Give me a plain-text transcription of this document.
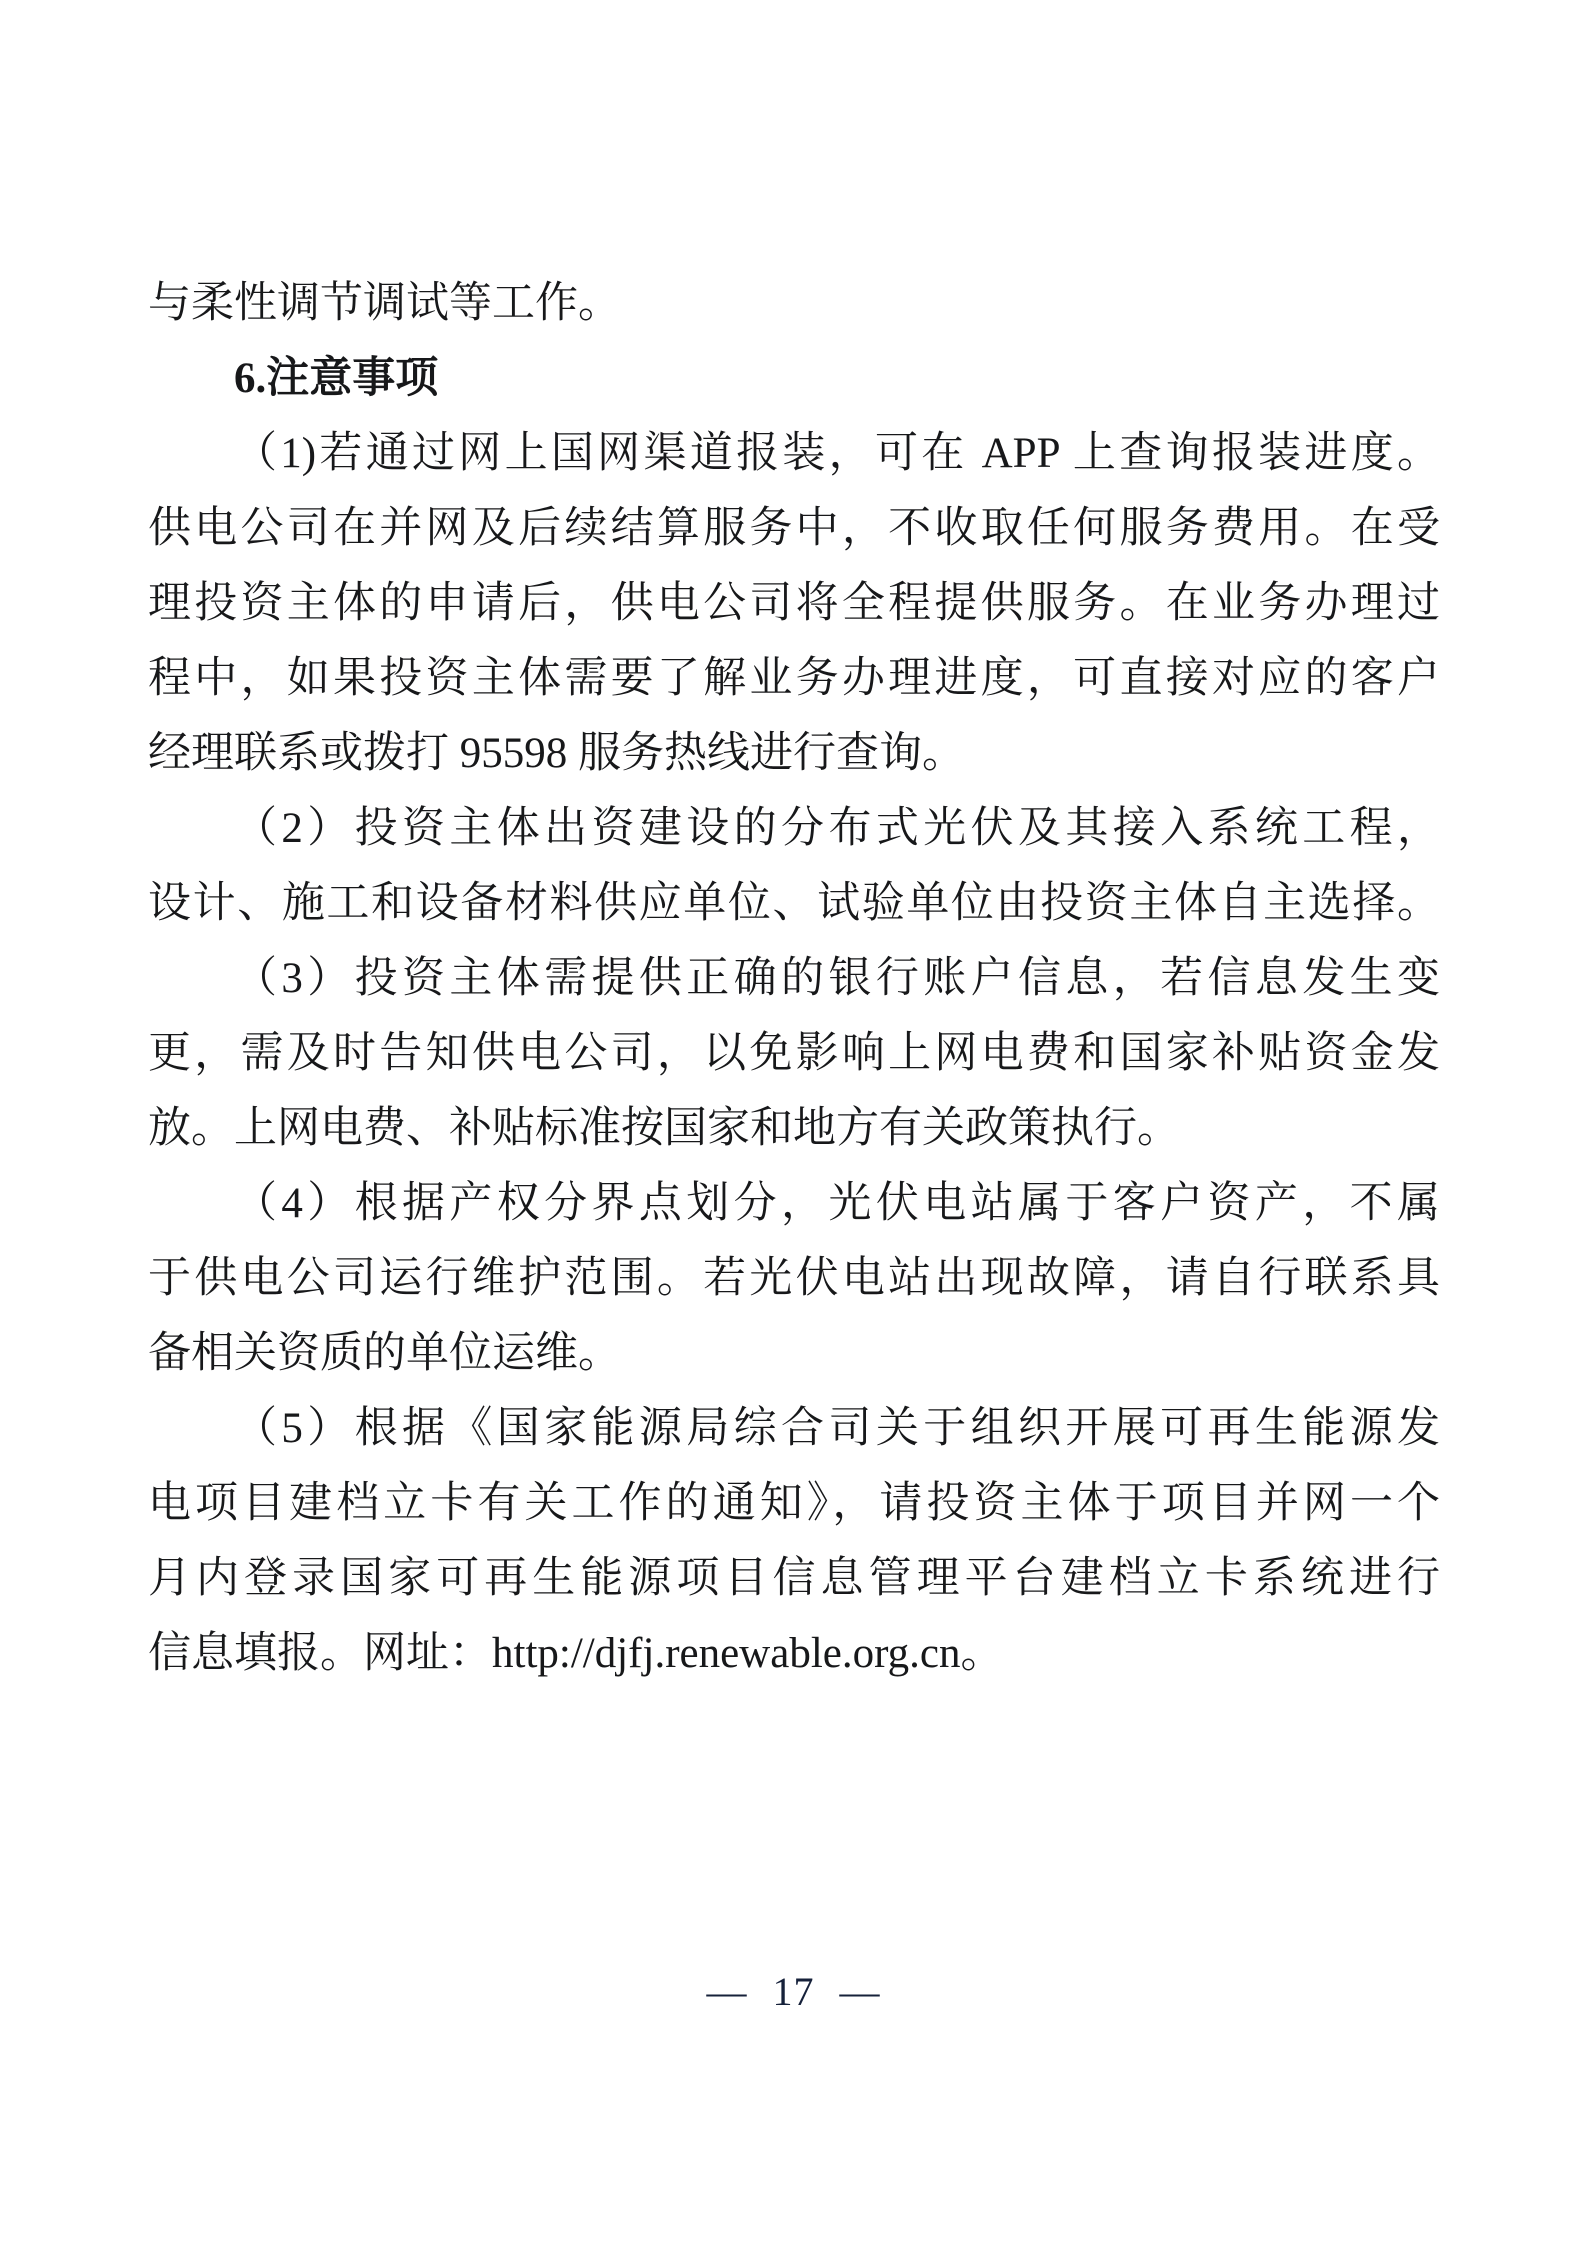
与柔性调节调试等工作。
6.注意事项
（1)若通过网上国网渠道报装，可在 APP 上查询报装进度。
供电公司在并网及后续结算服务中，不收取任何服务费用。在受
理投资主体的申请后，供电公司将全程提供服务。在业务办理过
程中，如果投资主体需要了解业务办理进度，可直接对应的客户
经理联系或拨打 95598 服务热线进行查询。
（2）投资主体出资建设的分布式光伏及其接入系统工程，
设计、施工和设备材料供应单位、试验单位由投资主体自主选择。
（3）投资主体需提供正确的银行账户信息，若信息发生变
更，需及时告知供电公司，以免影响上网电费和国家补贴资金发
放。上网电费、补贴标准按国家和地方有关政策执行。
（4）根据产权分界点划分，光伏电站属于客户资产，不属
于供电公司运行维护范围。若光伏电站出现故障，请自行联系具
备相关资质的单位运维。
（5）根据《国家能源局综合司关于组织开展可再生能源发
电项目建档立卡有关工作的通知》，请投资主体于项目并网一个
月内登录国家可再生能源项目信息管理平台建档立卡系统进行
信息填报。网址：http://djfj.renewable.org.cn。
— 17 —
